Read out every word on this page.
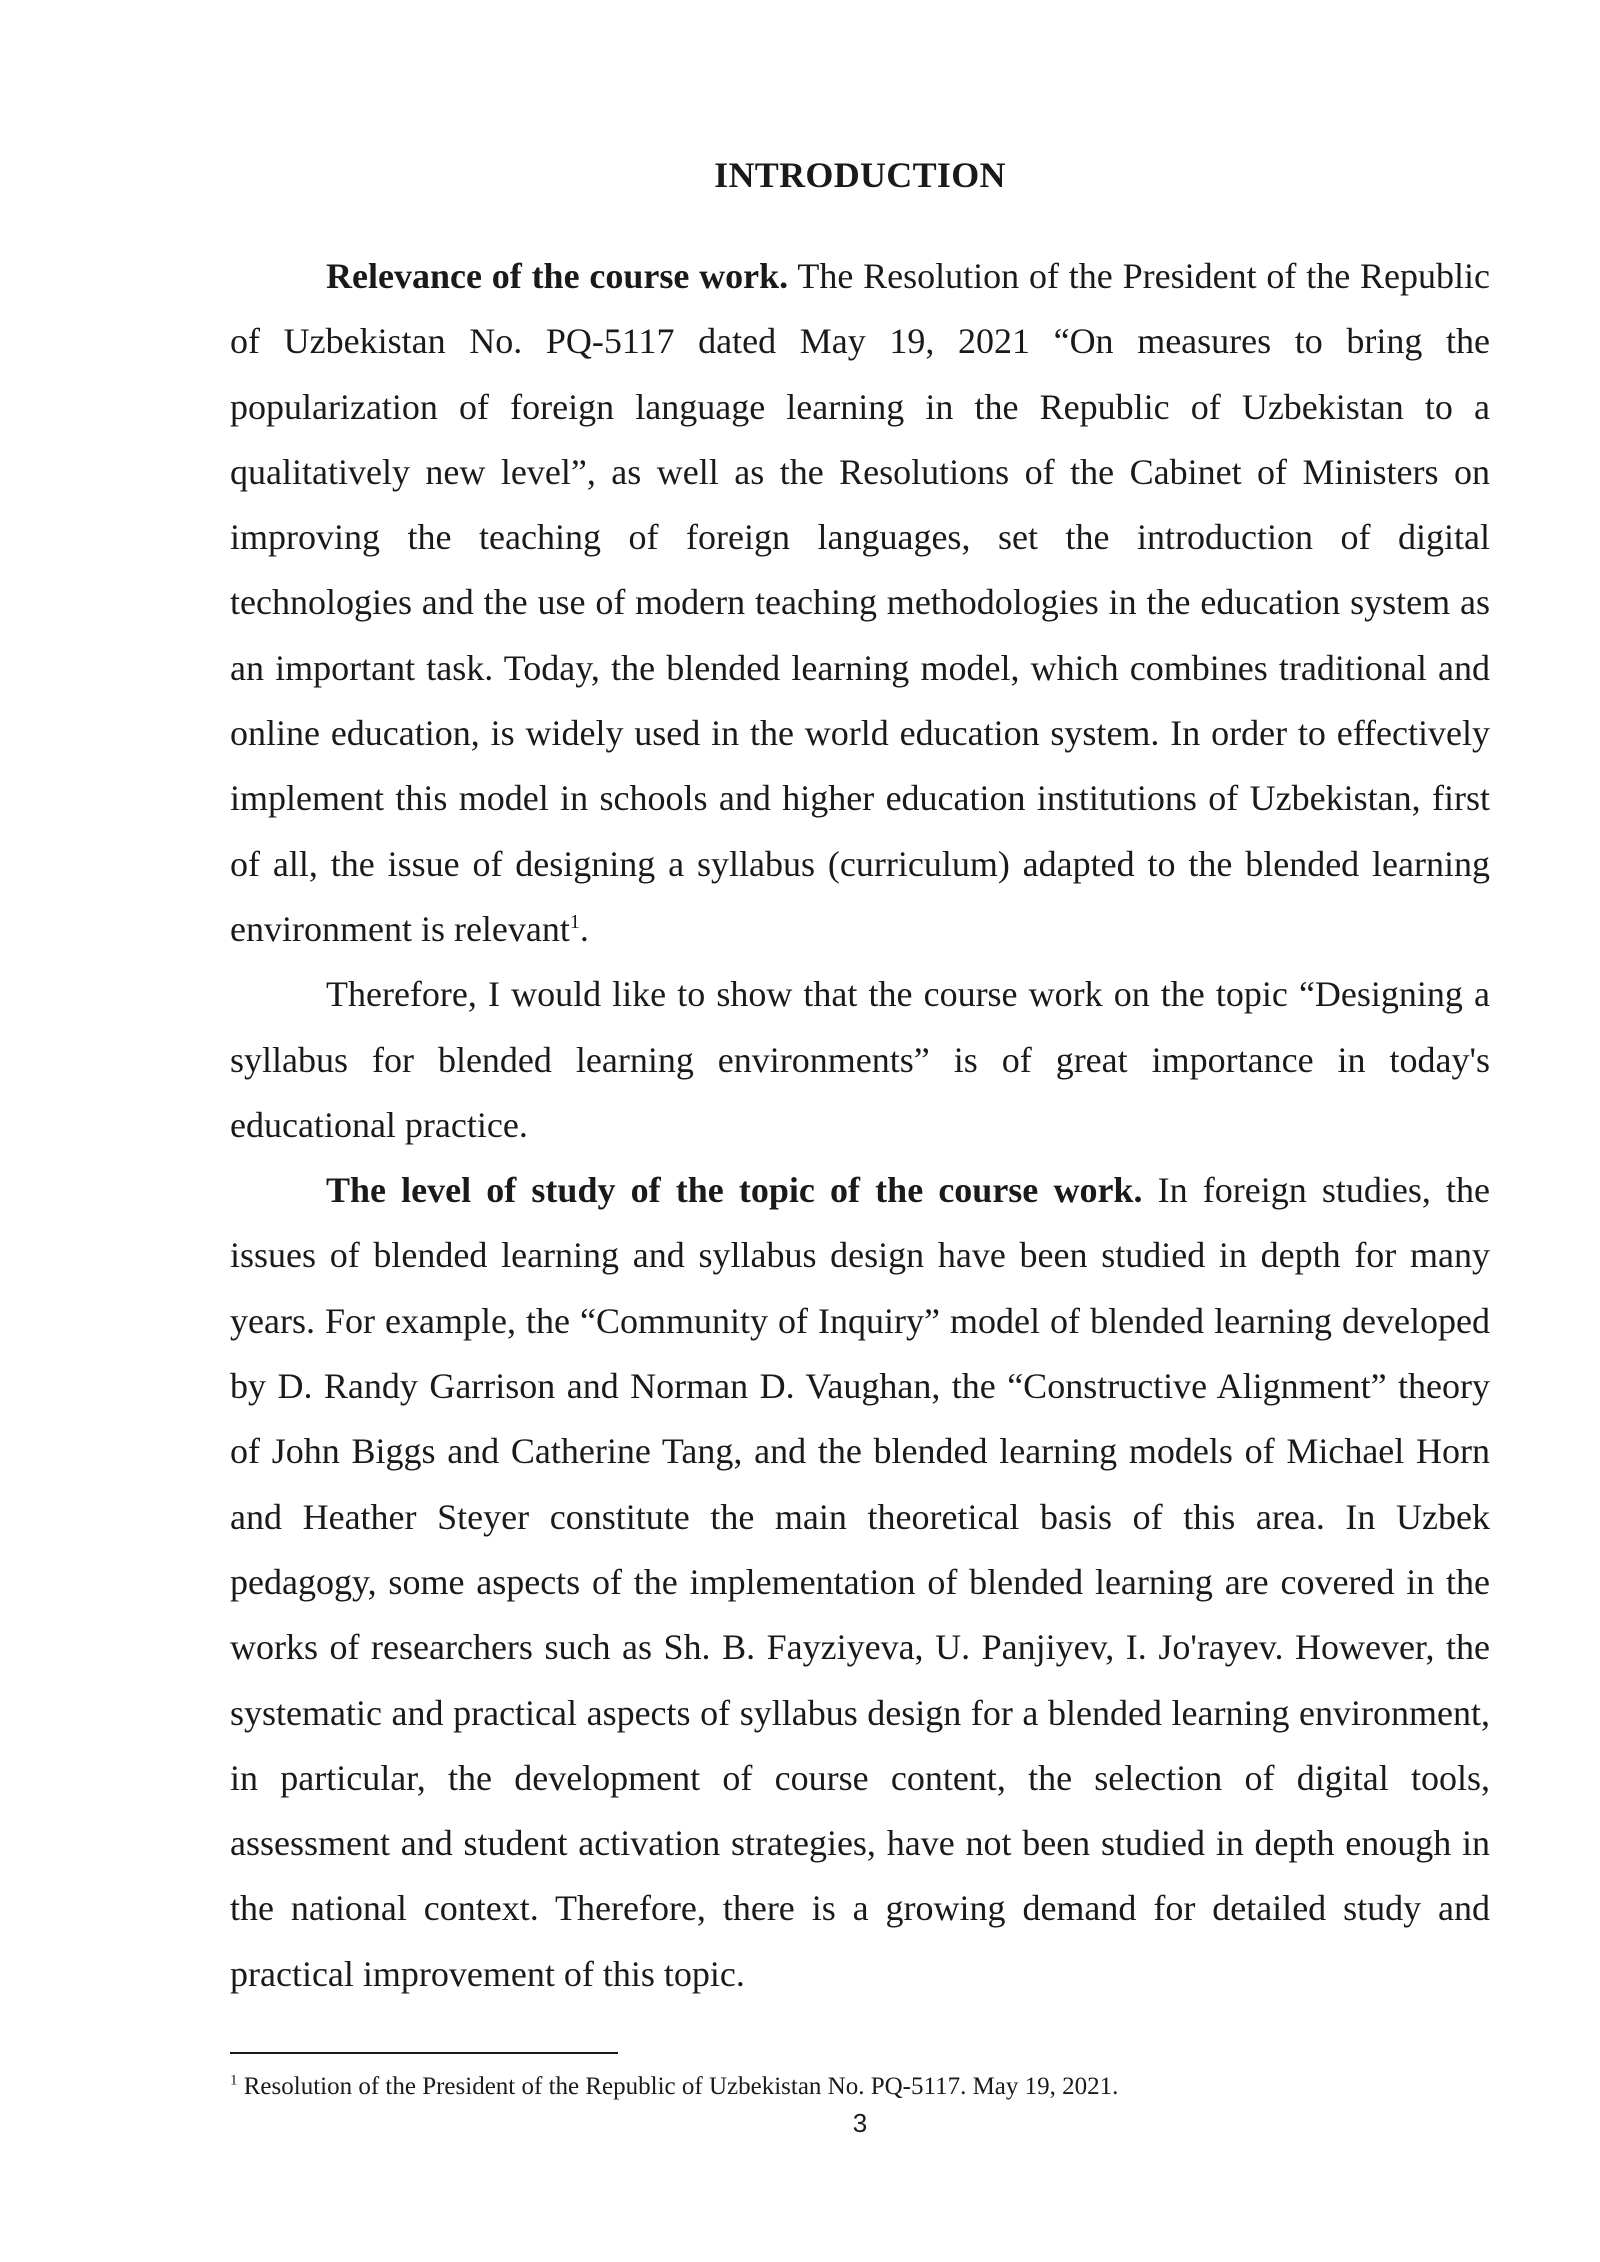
INTRODUCTION

Relevance of the course work. The Resolution of the President of the Republic of Uzbekistan No. PQ-5117 dated May 19, 2021 “On measures to bring the popularization of foreign language learning in the Republic of Uzbekistan to a qualitatively new level”, as well as the Resolutions of the Cabinet of Ministers on improving the teaching of foreign languages, set the introduction of digital technologies and the use of modern teaching methodologies in the education system as an important task. Today, the blended learning model, which combines traditional and online education, is widely used in the world education system. In order to effectively implement this model in schools and higher education institutions of Uzbekistan, first of all, the issue of designing a syllabus (curriculum) adapted to the blended learning environment is relevant$^1$.

Therefore, I would like to show that the course work on the topic “Designing a syllabus for blended learning environments” is of great importance in today's educational practice.

The level of study of the topic of the course work. In foreign studies, the issues of blended learning and syllabus design have been studied in depth for many years. For example, the “Community of Inquiry” model of blended learning developed by D. Randy Garrison and Norman D. Vaughan, the “Constructive Alignment” theory of John Biggs and Catherine Tang, and the blended learning models of Michael Horn and Heather Steyer constitute the main theoretical basis of this area. In Uzbek pedagogy, some aspects of the implementation of blended learning are covered in the works of researchers such as Sh. B. Fayziyeva, U. Panjiyev, I. Jo'rayev. However, the systematic and practical aspects of syllabus design for a blended learning environment, in particular, the development of course content, the selection of digital tools, assessment and student activation strategies, have not been studied in depth enough in the national context. Therefore, there is a growing demand for detailed study and practical improvement of this topic.

$^1$ Resolution of the President of the Republic of Uzbekistan No. PQ-5117. May 19, 2021.
3
